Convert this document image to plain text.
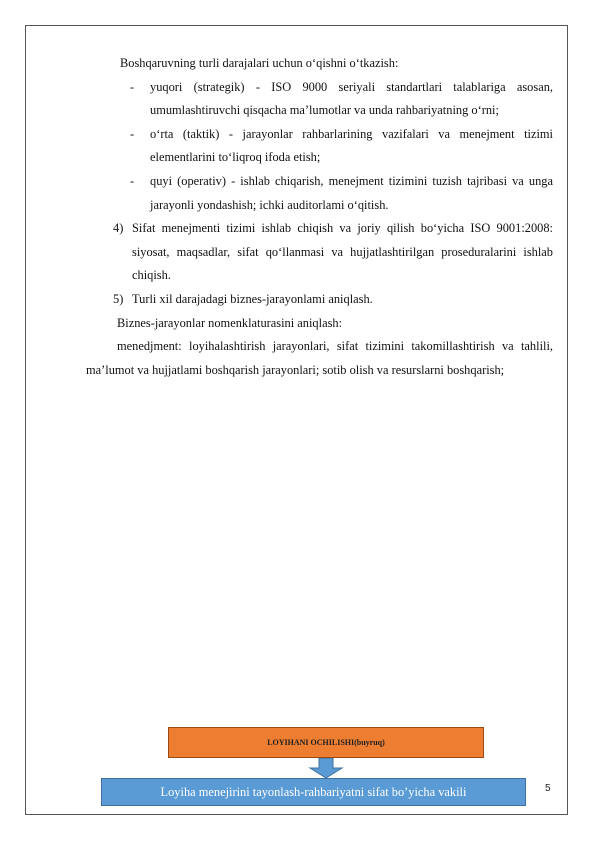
Boshqaruvning turli darajalari uchun o‘qishni o‘tkazish:

- yuqori (strategik) - ISO 9000 seriyali standartlari talablariga asosan, umumlashtiruvchi qisqacha ma’lumotlar va unda rahbariyatning o‘rni;

- o‘rta (taktik) - jarayonlar rahbarlarining vazifalari va menejment tizimi elementlarini to‘liqroq ifoda etish;

- quyi (operativ) - ishlab chiqarish, menejment tizimini tuzish tajribasi va unga jarayonli yondashish; ichki auditorlami o‘qitish.

4) Sifat menejmenti tizimi ishlab chiqish va joriy qilish bo‘yicha ISO 9001:2008: siyosat, maqsadlar, sifat qo‘llanmasi va hujjatlashtirilgan proseduralarini ishlab chiqish.

5) Turli xil darajadagi biznes-jarayonlami aniqlash.

Biznes-jarayonlar nomenklaturasini aniqlash:

menedjment: loyihalashtirish jarayonlari, sifat tizimini takomillashtirish va tahlili, ma’lumot va hujjatlami boshqarish jarayonlari; sotib olish va resurslarni boshqarish;

LOYIHANI OCHILISHI(buyruq)
Loyiha menejirini tayonlash-rahbariyatni sifat bo’yicha vakili	5
